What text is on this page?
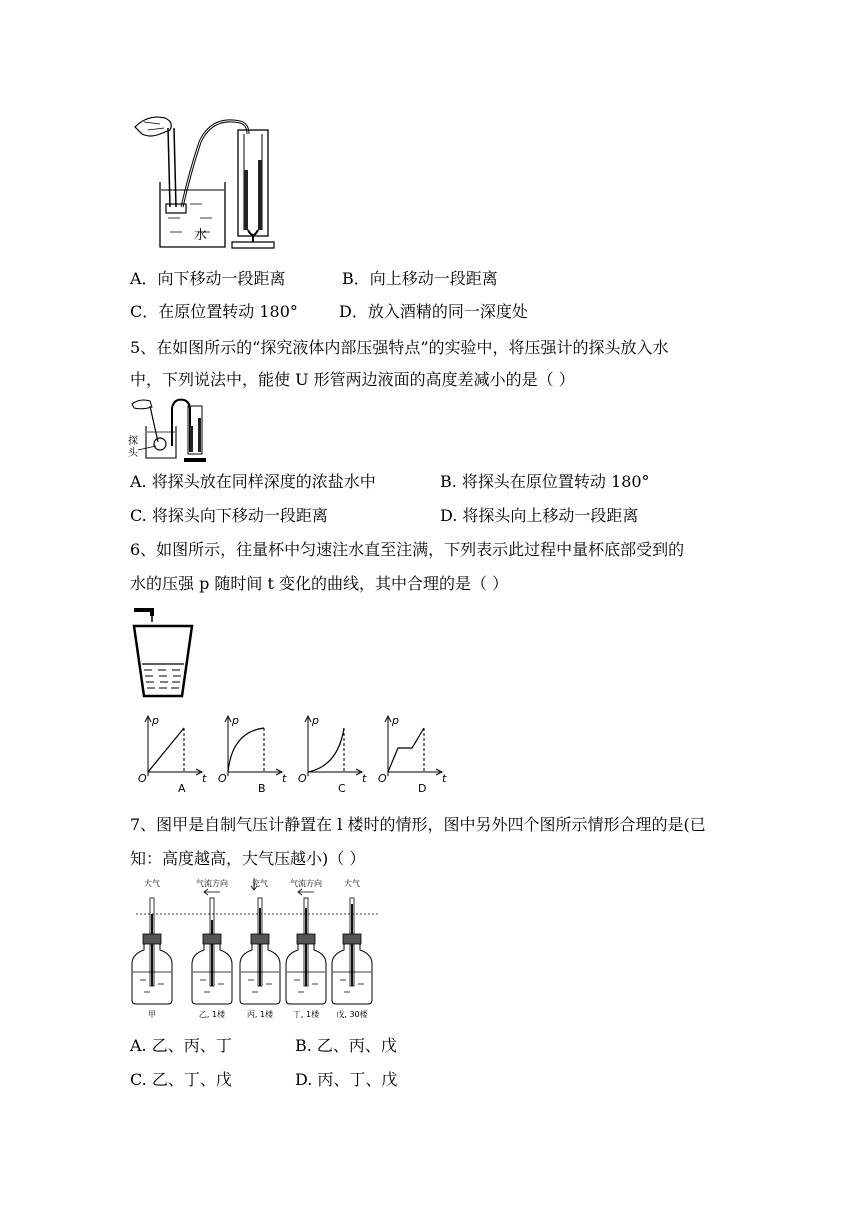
水
A．向下移动一段距离	B．向上移动一段距离
C．在原位置转动 180°	D．放入酒精的同一深度处
5、在如图所示的“探究液体内部压强特点”的实验中，将压强计的探头放入水
中，下列说法中，能使 U 形管两边液面的高度差减小的是（ ）
探
头
A. 将探头放在同样深度的浓盐水中	B. 将探头在原位置转动 180°
C. 将探头向下移动一段距离	D. 将探头向上移动一段距离
6、如图所示，往量杯中匀速注水直至注满，下列表示此过程中量杯底部受到的
水的压强 p 随时间 t 变化的曲线，其中合理的是（ ）
p
t
O
A
p
t
O
B
p
t
O
C
p
t
O
D
7、图甲是自制气压计静置在 l 楼时的情形，图中另外四个图所示情形合理的是(已
知：高度越高，大气压越小)（ ）
大气
甲
气流方向
乙, 1楼
充气
丙, 1楼
气流方向
丁, 1楼
大气
戊, 30楼
A. 乙、丙、丁	B. 乙、丙、戊
C. 乙、丁、戊	D. 丙、丁、戊
